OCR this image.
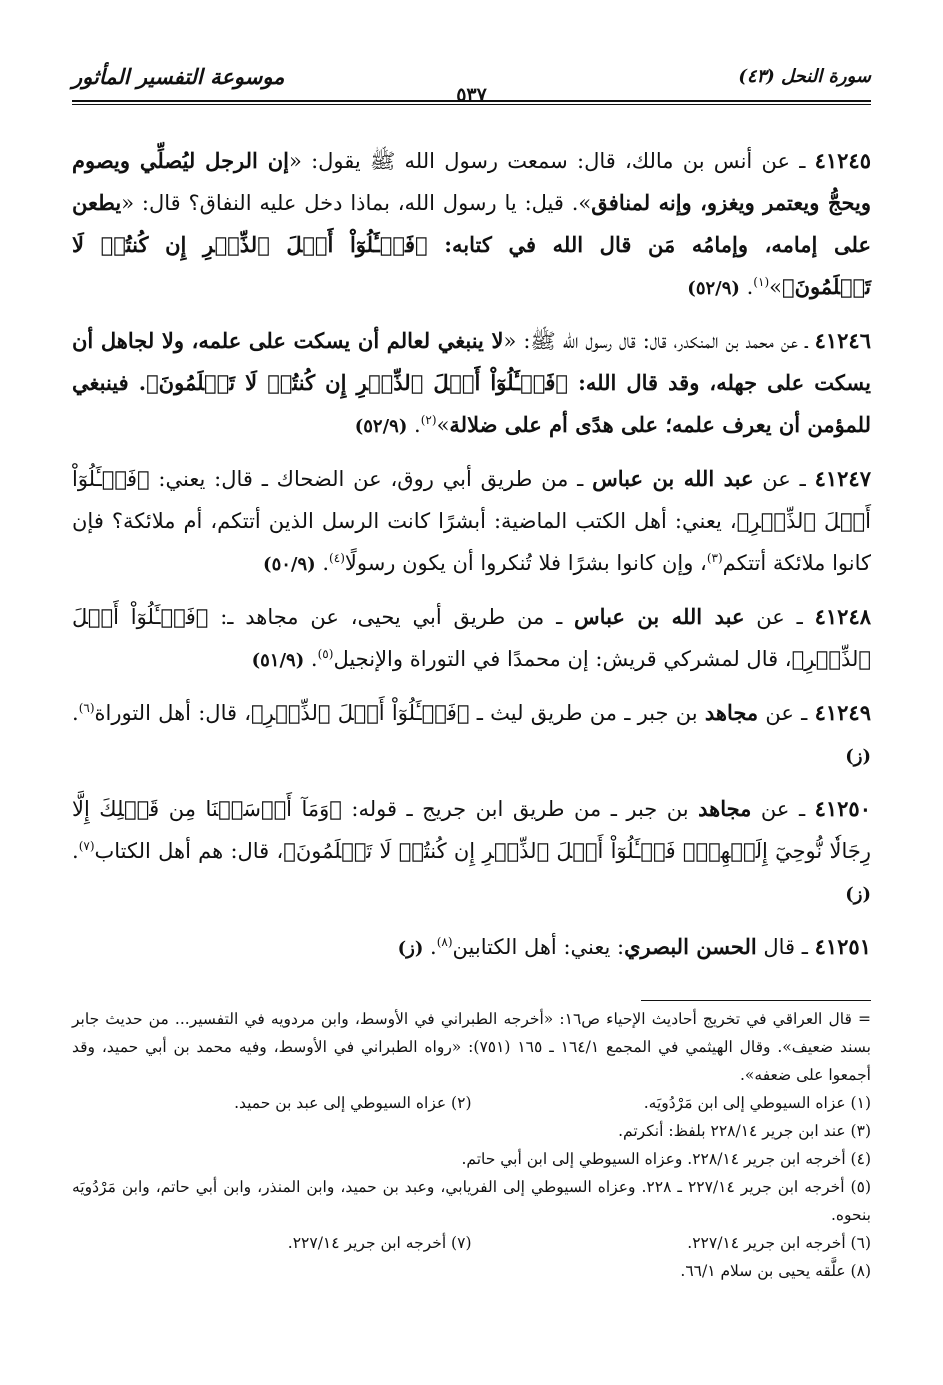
موسوعة التفسير المأثور
٥٣٧
سورة النحل (٤٣)

٤١٢٤٥ ـ عن أنس بن مالك، قال: سمعت رسول الله ﷺ يقول: «إن الرجل ليُصلِّي ويصوم ويحجُّ ويعتمر ويغزو، وإنه لمنافق». قيل: يا رسول الله، بماذا دخل عليه النفاق؟ قال: «يطعن على إمامه، وإمامُه مَن قال الله في كتابه: ﴿فَسۡـَٔلُوٓاْ أَهۡلَ ٱلذِّكۡرِ إِن كُنتُمۡ لَا تَعۡلَمُونَ﴾»$^{(١)}$. (٥٢/٩)

٤١٢٤٦ ـ عن محمد بن المنكدر، قال: قال رسول الله ﷺ: «لا ينبغي لعالم أن يسكت على علمه، ولا لجاهل أن يسكت على جهله، وقد قال الله: ﴿فَسۡـَٔلُوٓاْ أَهۡلَ ٱلذِّكۡرِ إِن كُنتُمۡ لَا تَعۡلَمُونَ﴾. فينبغي للمؤمن أن يعرف علمه؛ على هدًى أم على ضلالة»$^{(٢)}$. (٥٢/٩)

٤١٢٤٧ ـ عن عبد الله بن عباس ـ من طريق أبي روق، عن الضحاك ـ قال: يعني: ﴿فَسۡـَٔلُوٓاْ أَهۡلَ ٱلذِّكۡرِ﴾، يعني: أهل الكتب الماضية: أبشرًا كانت الرسل الذين أتتكم، أم ملائكة؟ فإن كانوا ملائكة أتتكم$^{(٣)}$، وإن كانوا بشرًا فلا تُنكروا أن يكون رسولًا$^{(٤)}$. (٥٠/٩)

٤١٢٤٨ ـ عن عبد الله بن عباس ـ من طريق أبي يحيى، عن مجاهد ـ: ﴿فَسۡـَٔلُوٓاْ أَهۡلَ ٱلذِّكۡرِ﴾، قال لمشركي قريش: إن محمدًا في التوراة والإنجيل$^{(٥)}$. (٥١/٩)

٤١٢٤٩ ـ عن مجاهد بن جبر ـ من طريق ليث ـ ﴿فَسۡـَٔلُوٓاْ أَهۡلَ ٱلذِّكۡرِ﴾، قال: أهل التوراة$^{(٦)}$. (ز)

٤١٢٥٠ ـ عن مجاهد بن جبر ـ من طريق ابن جريج ـ قوله: ﴿وَمَآ أَرۡسَلۡنَا مِن قَبۡلِكَ إِلَّا رِجَالٗا نُّوحِيٓ إِلَيۡهِمۡۚ فَسۡـَٔلُوٓاْ أَهۡلَ ٱلذِّكۡرِ إِن كُنتُمۡ لَا تَعۡلَمُونَ﴾، قال: هم أهل الكتاب$^{(٧)}$. (ز)

٤١٢٥١ ـ قال الحسن البصري: يعني: أهل الكتابين$^{(٨)}$. (ز)

= قال العراقي في تخريج أحاديث الإحياء ص١٦: «أخرجه الطبراني في الأوسط، وابن مردويه في التفسير... من حديث جابر بسند ضعيف». وقال الهيثمي في المجمع ١٦٤/١ ـ ١٦٥ (٧٥١): «رواه الطبراني في الأوسط، وفيه محمد بن أبي حميد، وقد أجمعوا على ضعفه».

(١) عزاه السيوطي إلى ابن مَرْدُويَه.

(٢) عزاه السيوطي إلى عبد بن حميد.

(٣) عند ابن جرير ٢٢٨/١٤ بلفظ: أنكرتم.

(٤) أخرجه ابن جرير ٢٢٨/١٤. وعزاه السيوطي إلى ابن أبي حاتم.

(٥) أخرجه ابن جرير ٢٢٧/١٤ ـ ٢٢٨. وعزاه السيوطي إلى الفريابي، وعبد بن حميد، وابن المنذر، وابن أبي حاتم، وابن مَرْدُويَه بنحوه.

(٦) أخرجه ابن جرير ٢٢٧/١٤.

(٧) أخرجه ابن جرير ٢٢٧/١٤.

(٨) علَّقه يحيى بن سلام ٦٦/١.
